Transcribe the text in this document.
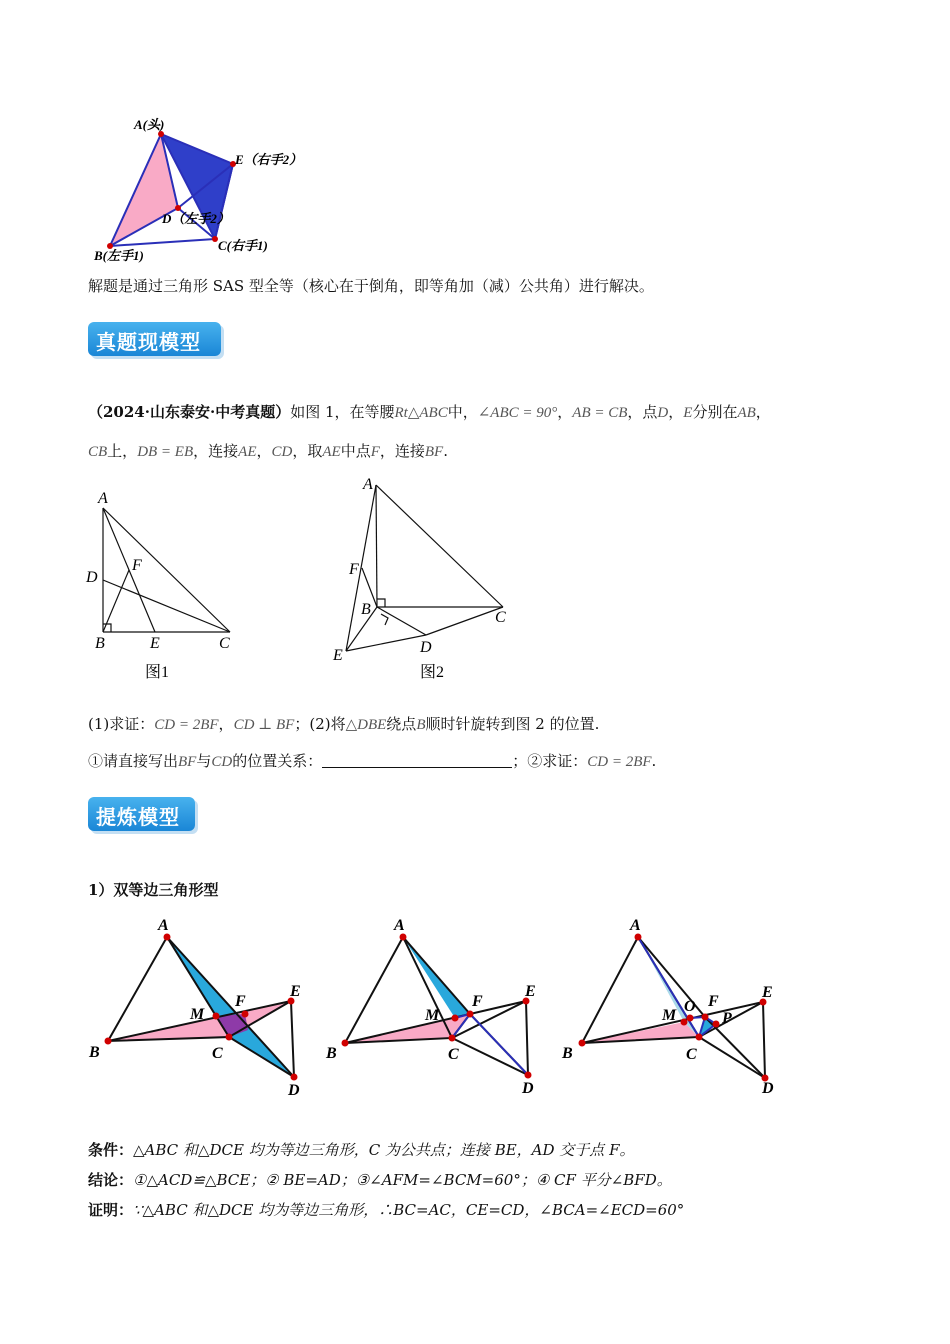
A(头)
E（右手2）
D（左手2）
B(左手1)
C(右手1)
解题是通过三角形 SAS 型全等（核心在于倒角，即等角加（减）公共角）进行解决。
真题现模型
（2024·山东泰安·中考真题）如图 1，在等腰Rt△ABC中，∠ABC = 90°，AB = CB，点D，E分别在AB，
CB上，DB = EB，连接AE，CD，取AE中点F，连接BF.
A
D
F
B	E	C
图1
A
F
B	C
D
E
图2
(1)求证：CD = 2BF，CD ⊥ BF；(2)将△DBE绕点B顺时针旋转到图 2 的位置.
①请直接写出BF与CD的位置关系：	；②求证：CD = 2BF.
提炼模型
1）双等边三角形型
A
B	C
D
E
F
M
A
B	C
D
E
F
M
A
B	C
D
E
F
M
O
P
条件：△ABC 和△DCE 均为等边三角形，C 为公共点；连接 BE，AD 交于点 F。
结论：①△ACD≌△BCE；② BE=AD；③∠AFM=∠BCM=60°；④ CF 平分∠BFD。
证明：∵△ABC 和△DCE 均为等边三角形，∴BC=AC，CE=CD，∠BCA=∠ECD=60°
